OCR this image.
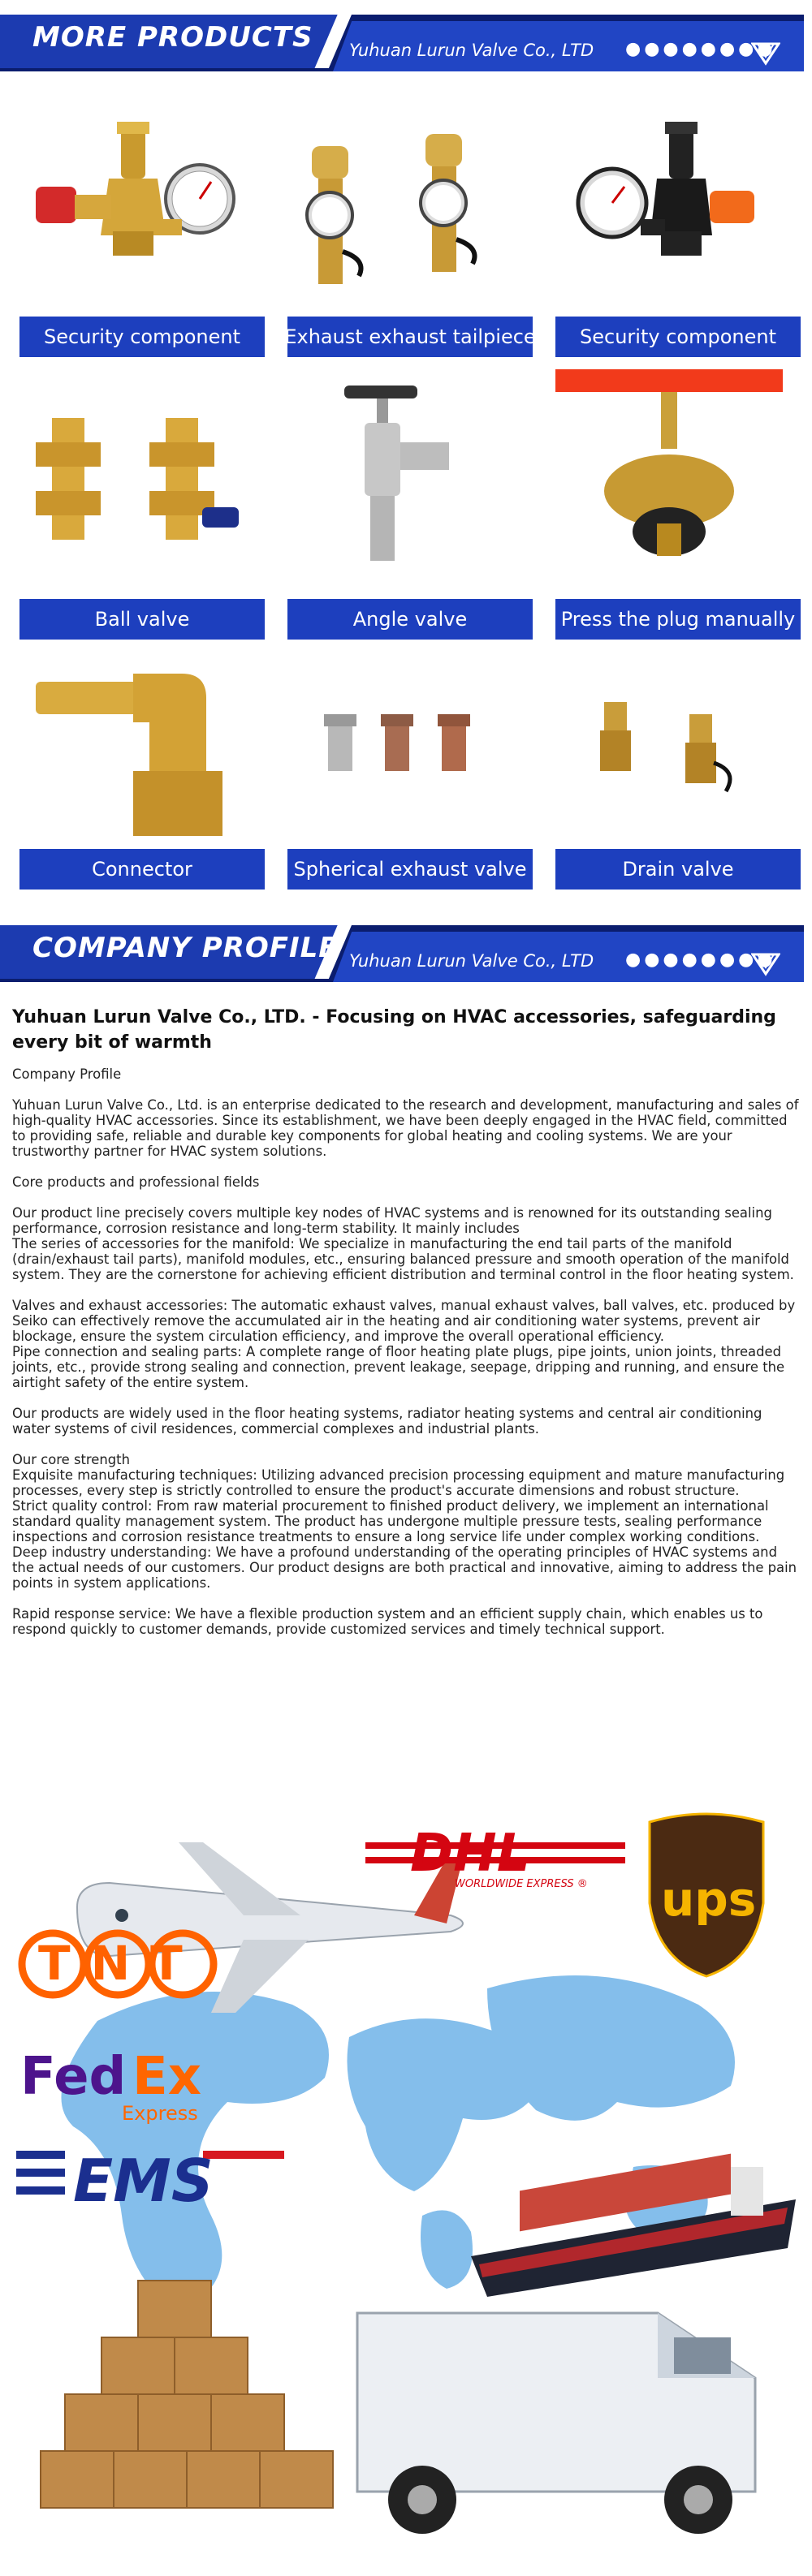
MORE PRODUCTS Yuhuan Lurun Valve Co., LTD ●●●●●●●●
Security component	Exhaust exhaust tailpiece	Security component
Ball valve	Angle valve	Press the plug manually
Connector	Spherical exhaust valve	Drain valve
COMPANY PROFILE Yuhuan Lurun Valve Co., LTD ●●●●●●●●
Yuhuan Lurun Valve Co., LTD. - Focusing on HVAC accessories, safeguarding every bit of warmth

Company Profile

Yuhuan Lurun Valve Co., Ltd. is an enterprise dedicated to the research and development, manufacturing and sales of high-quality HVAC accessories. Since its establishment, we have been deeply engaged in the HVAC field, committed to providing safe, reliable and durable key components for global heating and cooling systems. We are your trustworthy partner for HVAC system solutions.

Core products and professional fields

Our product line precisely covers multiple key nodes of HVAC systems and is renowned for its outstanding sealing performance, corrosion resistance and long-term stability. It mainly includes
The series of accessories for the manifold: We specialize in manufacturing the end tail parts of the manifold (drain/exhaust tail parts), manifold modules, etc., ensuring balanced pressure and smooth operation of the manifold system. They are the cornerstone for achieving efficient distribution and terminal control in the floor heating system.

Valves and exhaust accessories: The automatic exhaust valves, manual exhaust valves, ball valves, etc. produced by Seiko can effectively remove the accumulated air in the heating and air conditioning water systems, prevent air blockage, ensure the system circulation efficiency, and improve the overall operational efficiency.
Pipe connection and sealing parts: A complete range of floor heating plate plugs, pipe joints, union joints, threaded joints, etc., provide strong sealing and connection, prevent leakage, seepage, dripping and running, and ensure the airtight safety of the entire system.

Our products are widely used in the floor heating systems, radiator heating systems and central air conditioning water systems of civil residences, commercial complexes and industrial plants.

Our core strength
Exquisite manufacturing techniques: Utilizing advanced precision processing equipment and mature manufacturing processes, every step is strictly controlled to ensure the product's accurate dimensions and robust structure.
Strict quality control: From raw material procurement to finished product delivery, we implement an international standard quality management system. The product has undergone multiple pressure tests, sealing performance inspections and corrosion resistance treatments to ensure a long service life under complex working conditions.
Deep industry understanding: We have a profound understanding of the operating principles of HVAC systems and the actual needs of our customers. Our product designs are both practical and innovative, aiming to address the pain points in system applications.

Rapid response service: We have a flexible production system and an efficient supply chain, which enables us to respond quickly to customer demands, provide customized services and timely technical support.

DHL
WORLDWIDE EXPRESS ® ups
TNT
Fed Ex
Express
EMS
